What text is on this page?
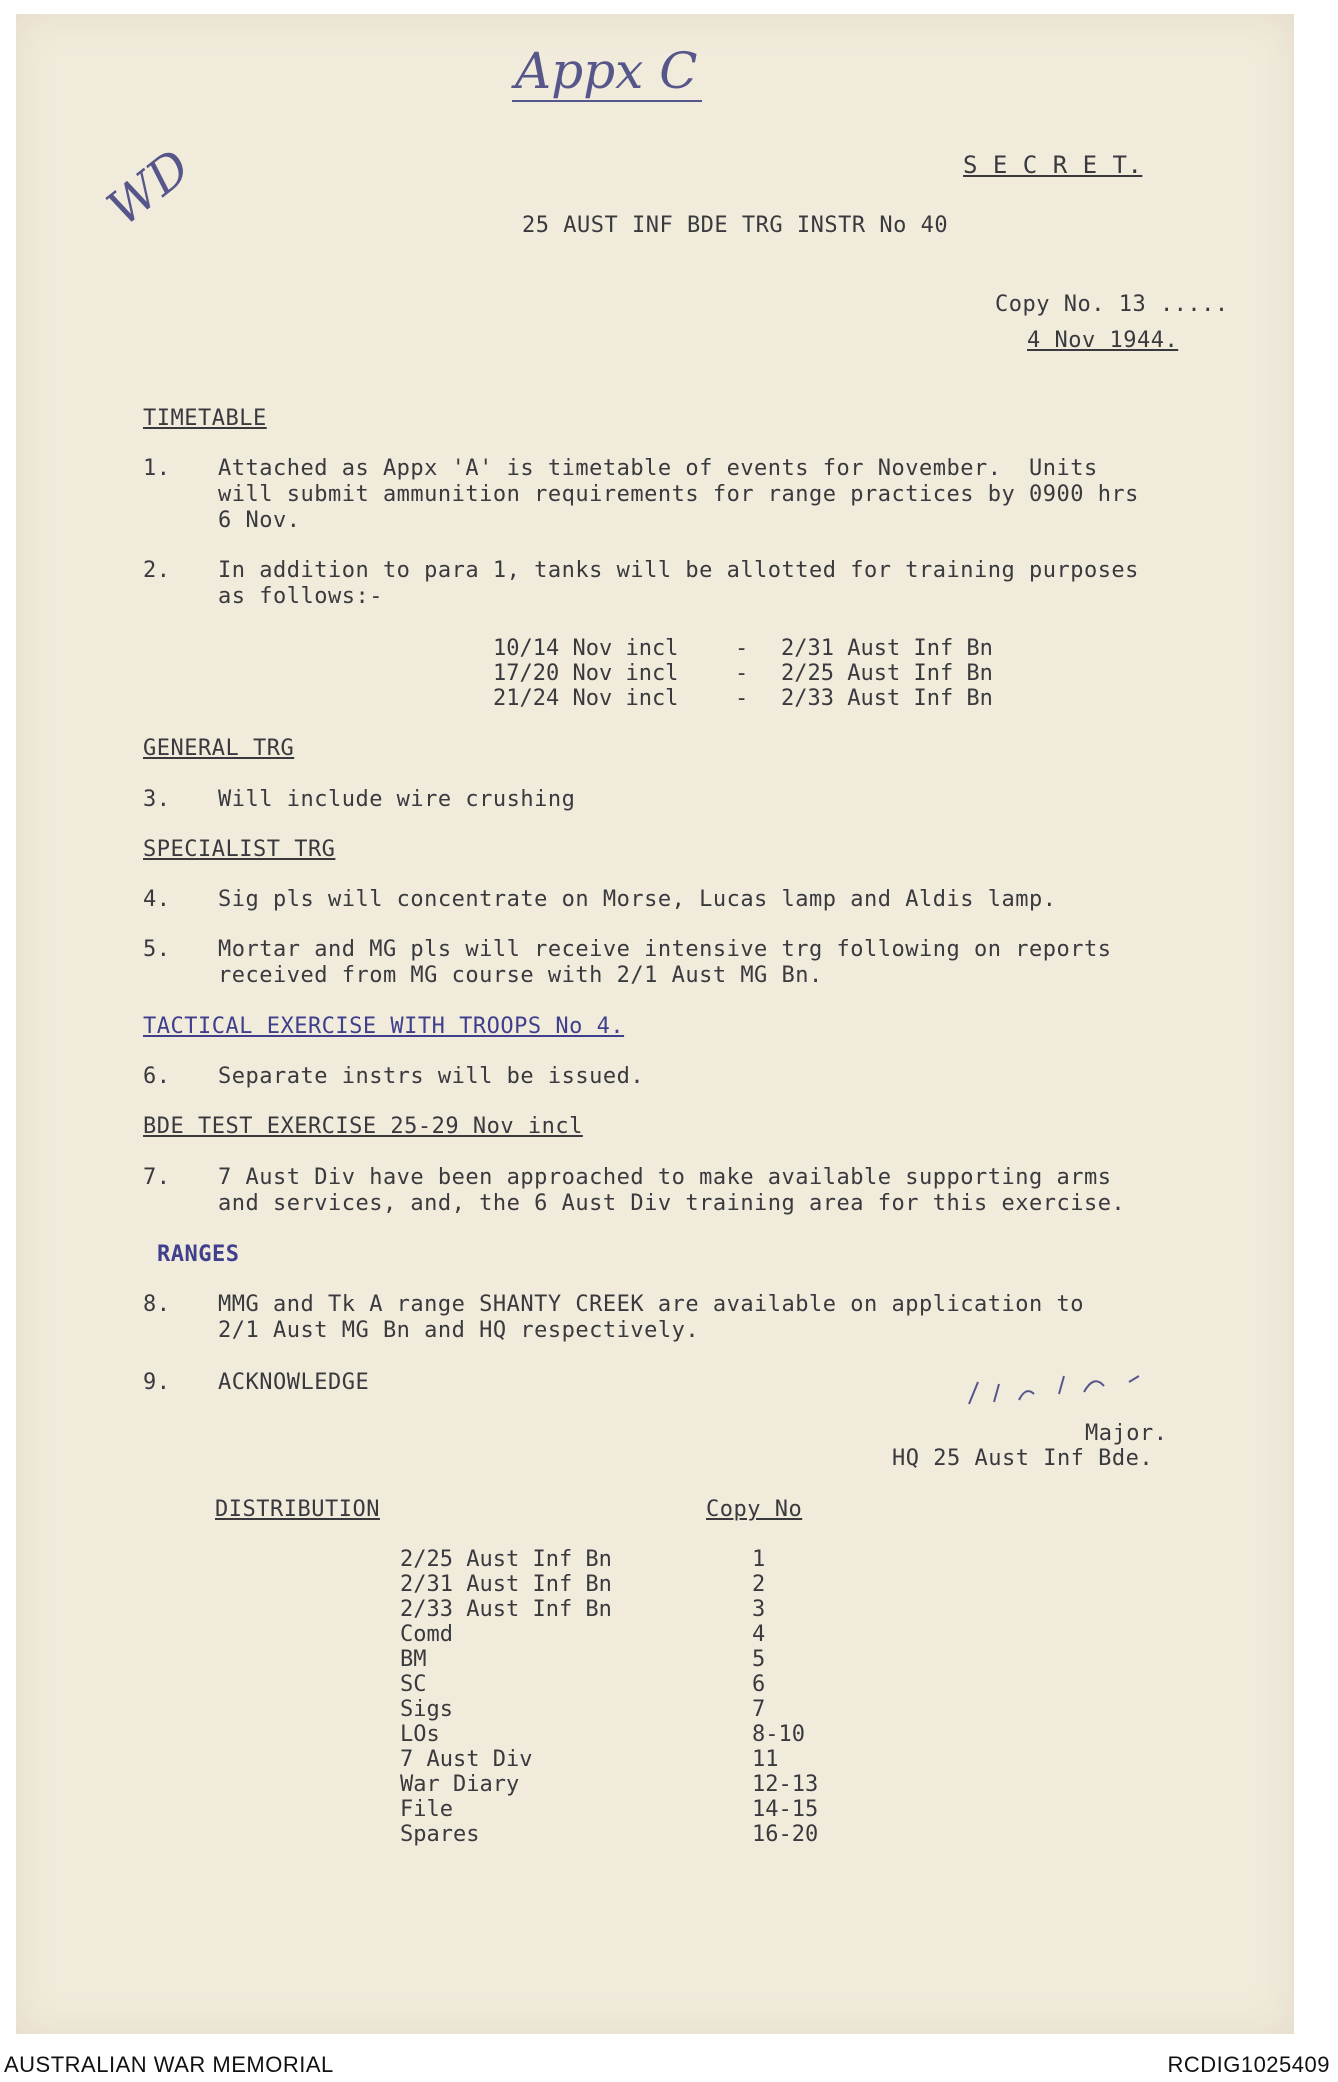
Appx C
WD	S E C R E T.
25 AUST INF BDE TRG INSTR No 40
Copy No. 13 .....
4 Nov 1944.
TIMETABLE
1. Attached as Appx 'A' is timetable of events for November.  Units
will submit ammunition requirements for range practices by 0900 hrs
6 Nov.
2. In addition to para 1, tanks will be allotted for training purposes
as follows:-
10/14 Nov incl	- 2/31 Aust Inf Bn
17/20 Nov incl	- 2/25 Aust Inf Bn
21/24 Nov incl	- 2/33 Aust Inf Bn
GENERAL TRG
3. Will include wire crushing
SPECIALIST TRG
4. Sig pls will concentrate on Morse, Lucas lamp and Aldis lamp.
5. Mortar and MG pls will receive intensive trg following on reports
received from MG course with 2/1 Aust MG Bn.
TACTICAL EXERCISE WITH TROOPS No 4.
6. Separate instrs will be issued.
BDE TEST EXERCISE 25-29 Nov incl
7. 7 Aust Div have been approached to make available supporting arms
and services, and, the 6 Aust Div training area for this exercise.
RANGES
8. MMG and Tk A range SHANTY CREEK are available on application to
2/1 Aust MG Bn and HQ respectively.
9. ACKNOWLEDGE

Major.
HQ 25 Aust Inf Bde.
DISTRIBUTION	Copy No
2/25 Aust Inf Bn	1
2/31 Aust Inf Bn	2
2/33 Aust Inf Bn	3
Comd	4
BM	5
SC	6
Sigs	7
LOs	8-10
7 Aust Div	11
War Diary	12-13
File	14-15
Spares	16-20
AUSTRALIAN WAR MEMORIAL	RCDIG1025409
